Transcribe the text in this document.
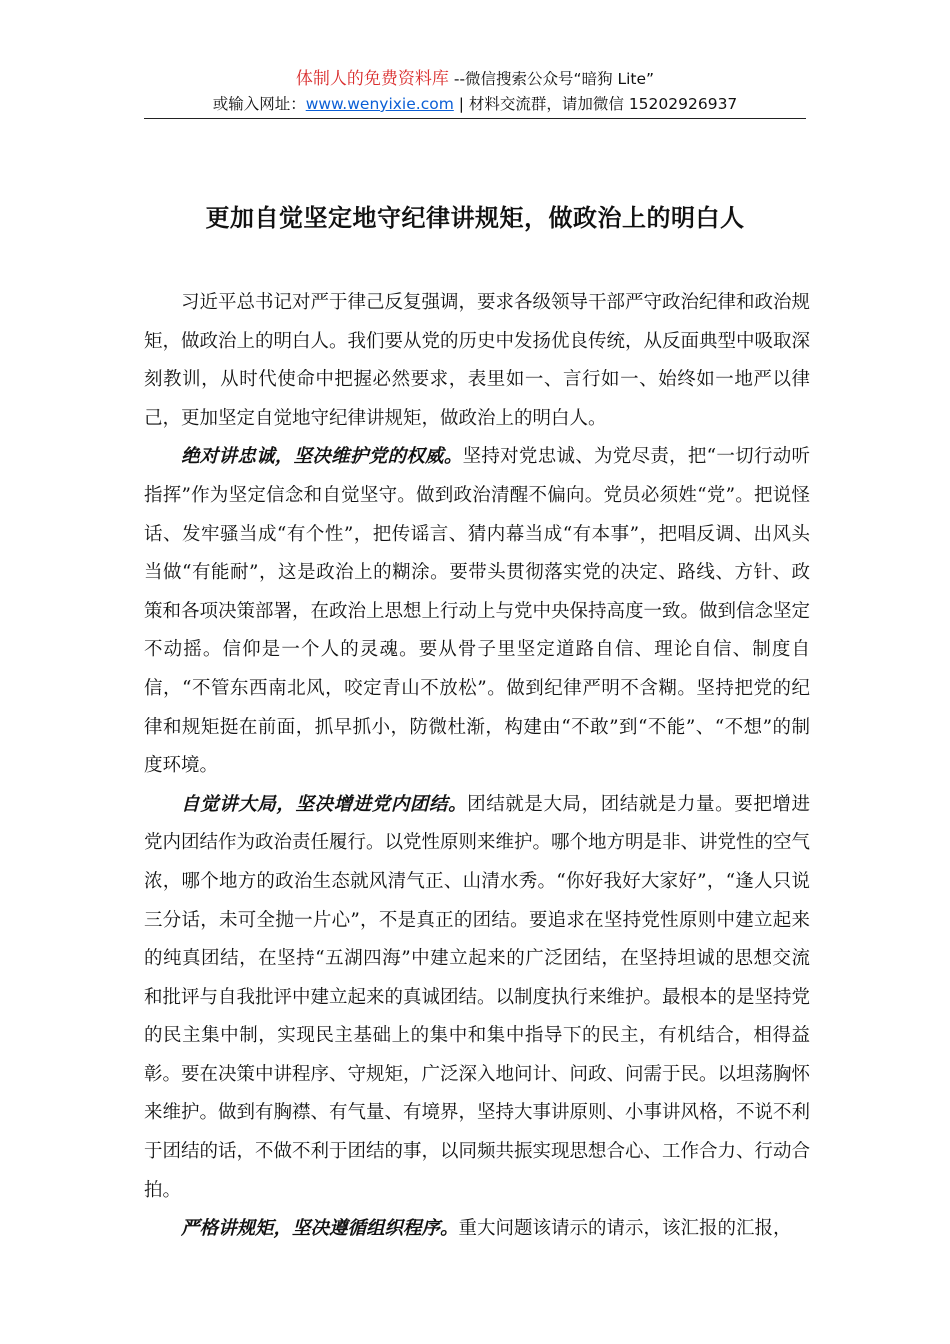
体制人的免费资料库 --微信搜索公众号“暗狗 Lite”
或输入网址：www.wenyixie.com | 材料交流群，请加微信 15202926937
更加自觉坚定地守纪律讲规矩，做政治上的明白人

习近平总书记对严于律己反复强调，要求各级领导干部严守政治纪律和政治规矩，做政治上的明白人。我们要从党的历史中发扬优良传统，从反面典型中吸取深刻教训，从时代使命中把握必然要求，表里如一、言行如一、始终如一地严以律己，更加坚定自觉地守纪律讲规矩，做政治上的明白人。

绝对讲忠诚，坚决维护党的权威。坚持对党忠诚、为党尽责，把“一切行动听指挥”作为坚定信念和自觉坚守。做到政治清醒不偏向。党员必须姓“党”。把说怪话、发牢骚当成“有个性”，把传谣言、猜内幕当成“有本事”，把唱反调、出风头当做“有能耐”，这是政治上的糊涂。要带头贯彻落实党的决定、路线、方针、政策和各项决策部署，在政治上思想上行动上与党中央保持高度一致。做到信念坚定不动摇。信仰是一个人的灵魂。要从骨子里坚定道路自信、理论自信、制度自信，“不管东西南北风，咬定青山不放松”。做到纪律严明不含糊。坚持把党的纪律和规矩挺在前面，抓早抓小，防微杜渐，构建由“不敢”到“不能”、“不想”的制度环境。

自觉讲大局，坚决增进党内团结。团结就是大局，团结就是力量。要把增进党内团结作为政治责任履行。以党性原则来维护。哪个地方明是非、讲党性的空气浓，哪个地方的政治生态就风清气正、山清水秀。“你好我好大家好”，“逢人只说三分话，未可全抛一片心”，不是真正的团结。要追求在坚持党性原则中建立起来的纯真团结，在坚持“五湖四海”中建立起来的广泛团结，在坚持坦诚的思想交流和批评与自我批评中建立起来的真诚团结。以制度执行来维护。最根本的是坚持党的民主集中制，实现民主基础上的集中和集中指导下的民主，有机结合，相得益彰。要在决策中讲程序、守规矩，广泛深入地问计、问政、问需于民。以坦荡胸怀来维护。做到有胸襟、有气量、有境界，坚持大事讲原则、小事讲风格，不说不利于团结的话，不做不利于团结的事，以同频共振实现思想合心、工作合力、行动合拍。

严格讲规矩，坚决遵循组织程序。重大问题该请示的请示，该汇报的汇报，
